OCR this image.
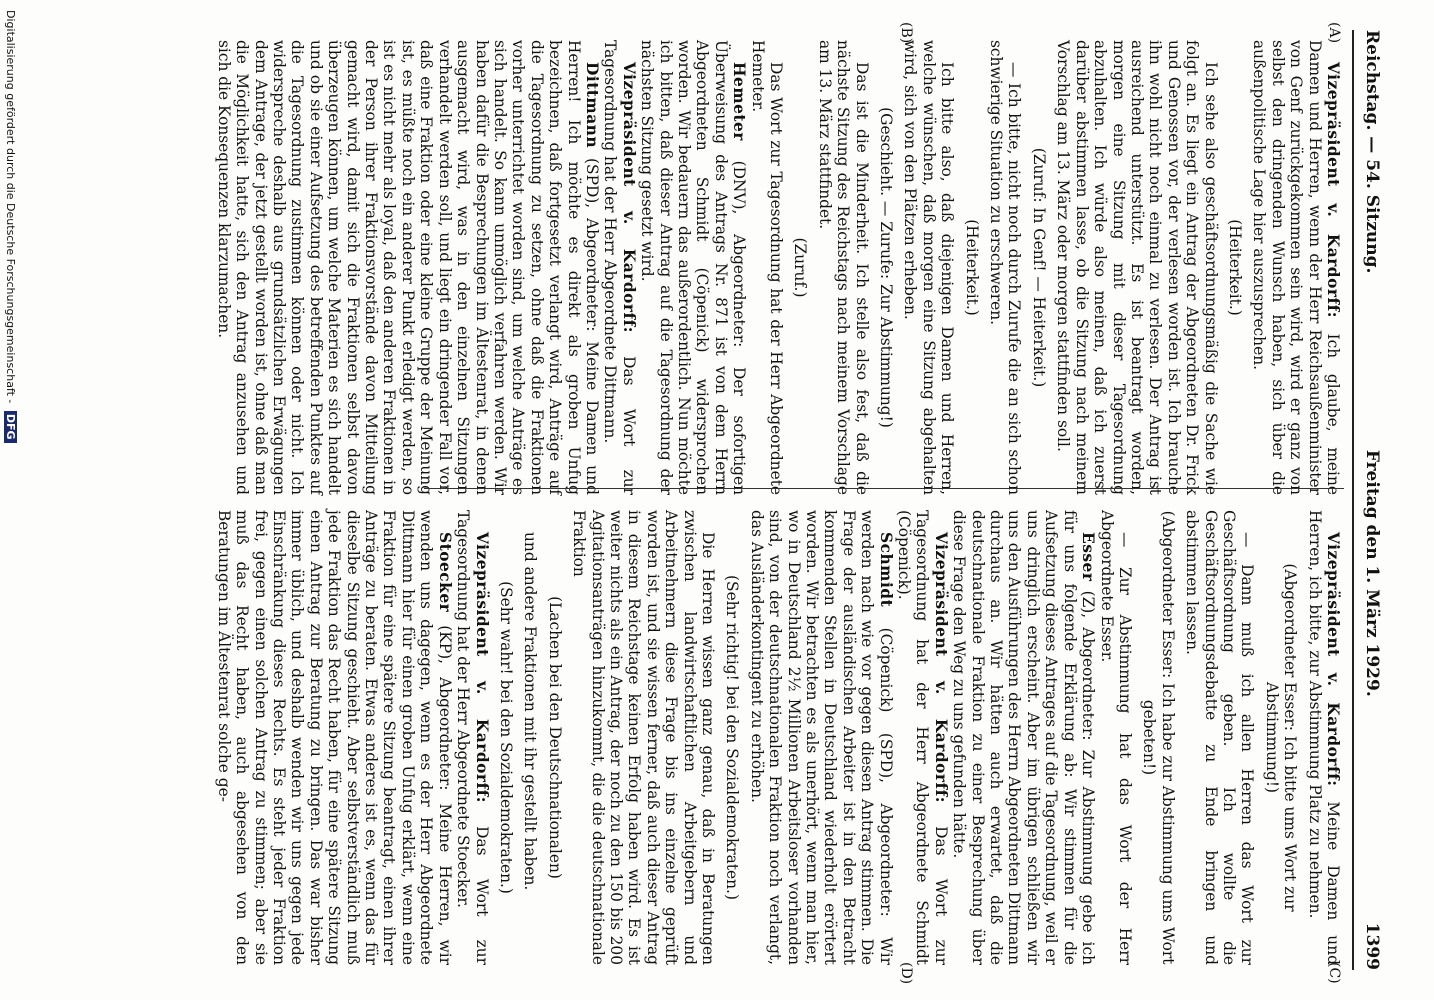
Reichstag. — 54. Sitzung.
Freitag den 1. März 1929. 1399
(A)
(B)
(C)
(D)

Vizepräsident v. Kardorff: Ich glaube, meine Damen und Herren, wenn der Herr Reichsaußenminister von Genf zurückgekommen sein wird, wird er ganz von selbst den dringenden Wunsch haben, sich über die außenpolitische Lage hier auszusprechen.

(Heiterkeit.)

Ich sehe also geschäftsordnungsmäßig die Sache wie folgt an. Es liegt ein Antrag der Abgeordneten Dr. Frick und Genossen vor, der verlesen worden ist. Ich brauche ihn wohl nicht noch einmal zu verlesen. Der Antrag ist ausreichend unterstützt. Es ist beantragt worden, morgen eine Sitzung mit dieser Tagesordnung abzuhalten. Ich würde also meinen, daß ich zuerst darüber abstimmen lasse, ob die Sitzung nach meinem Vorschlag am 13. März oder morgen stattfinden soll.

(Zuruf: In Genf! — Heiterkeit.)

— Ich bitte, nicht noch durch Zurufe die an sich schon schwierige Situation zu erschweren.

(Heiterkeit.)

Ich bitte also, daß diejenigen Damen und Herren, welche wünschen, daß morgen eine Sitzung abgehalten wird, sich von den Plätzen erheben.

(Geschieht. — Zurufe: Zur Abstimmung!)

Das ist die Minderheit. Ich stelle also fest, daß die nächste Sitzung des Reichstags nach meinem Vorschlage am 13. März stattfindet.

(Zuruf.)

Das Wort zur Tagesordnung hat der Herr Abgeordnete Hemeter.

Hemeter (DNV), Abgeordneter: Der sofortigen Überweisung des Antrags Nr. 871 ist von dem Herrn Abgeordneten Schmidt (Cöpenick) widersprochen worden. Wir bedauern das außerordentlich. Nun möchte ich bitten, daß dieser Antrag auf die Tagesordnung der nächsten Sitzung gesetzt wird.

Vizepräsident v. Kardorff: Das Wort zur Tagesordnung hat der Herr Abgeordnete Dittmann.

Dittmann (SPD), Abgeordneter: Meine Damen und Herren! Ich möchte es direkt als groben Unfug bezeichnen, daß fortgesetzt verlangt wird, Anträge auf die Tagesordnung zu setzen, ohne daß die Fraktionen vorher unterrichtet worden sind, um welche Anträge es sich handelt. So kann unmöglich verfahren werden. Wir haben dafür die Besprechungen im Ältestenrat, in denen ausgemacht wird, was in den einzelnen Sitzungen verhandelt werden soll, und liegt ein dringender Fall vor, daß eine Fraktion oder eine kleine Gruppe der Meinung ist, es müßte noch ein anderer Punkt erledigt werden, so ist es nicht mehr als loyal, daß den anderen Fraktionen in der Person ihrer Fraktionsvorstände davon Mitteilung gemacht wird, damit sich die Fraktionen selbst davon überzeugen können, um welche Materien es sich handelt und ob sie einer Aufsetzung des betreffenden Punktes auf die Tagesordnung zustimmen können oder nicht. Ich widerspreche deshalb aus grundsätzlichen Erwägungen dem Antrage, der jetzt gestellt worden ist, ohne daß man die Möglichkeit hatte, sich den Antrag anzusehen und sich die Konsequenzen klarzumachen.

Vizepräsident v. Kardorff: Meine Damen und Herren, ich bitte, zur Abstimmung Platz zu nehmen.

(Abgeordneter Esser: Ich bitte ums Wort zur Abstimmung!)

— Dann muß ich allen Herren das Wort zur Geschäftsordnung geben. Ich wollte die Geschäftsordnungsdebatte zu Ende bringen und abstimmen lassen.

(Abgeordneter Esser: Ich habe zur Abstimmung ums Wort gebeten!)

— Zur Abstimmung hat das Wort der Herr Abgeordnete Esser.

Esser (Z), Abgeordneter: Zur Abstimmung gebe ich für uns folgende Erklärung ab: Wir stimmen für die Aufsetzung dieses Antrages auf die Tagesordnung, weil er uns dringlich erscheint. Aber im übrigen schließen wir uns den Ausführungen des Herrn Abgeordneten Dittmann durchaus an. Wir hätten auch erwartet, daß die deutschnationale Fraktion zu einer Besprechung über diese Frage den Weg zu uns gefunden hätte.

Vizepräsident v. Kardorff: Das Wort zur Tagesordnung hat der Herr Abgeordnete Schmidt (Cöpenick).

Schmidt (Cöpenick) (SPD), Abgeordneter: Wir werden nach wie vor gegen diesen Antrag stimmen. Die Frage der ausländischen Arbeiter ist in den Betracht kommenden Stellen in Deutschland wiederholt erörtert worden. Wir betrachten es als unerhört, wenn man hier, wo in Deutschland 2½ Millionen Arbeitsloser vorhanden sind, von der deutschnationalen Fraktion noch verlangt, das Ausländerkontingent zu erhöhen.

(Sehr richtig! bei den Sozialdemokraten.)

Die Herren wissen ganz genau, daß in Beratungen zwischen landwirtschaftlichen Arbeitgebern und Arbeitnehmern diese Frage bis ins einzelne geprüft worden ist, und sie wissen ferner, daß auch dieser Antrag in diesem Reichstage keinen Erfolg haben wird. Es ist weiter nichts als ein Antrag, der noch zu den 150 bis 200 Agitationsanträgen hinzukommt, die die deutschnationale Fraktion

(Lachen bei den Deutschnationalen)

und andere Fraktionen mit ihr gestellt haben.

(Sehr wahr! bei den Sozialdemokraten.)

Vizepräsident v. Kardorff: Das Wort zur Tagesordnung hat der Herr Abgeordnete Stoecker.

Stoecker (KP), Abgeordneter: Meine Herren, wir wenden uns dagegen, wenn es der Herr Abgeordnete Dittmann hier für einen groben Unfug erklärt, wenn eine Fraktion für eine spätere Sitzung beantragt, einen ihrer Anträge zu beraten. Etwas anderes ist es, wenn das für dieselbe Sitzung geschieht. Aber selbstverständlich muß jede Fraktion das Recht haben, für eine spätere Sitzung einen Antrag zur Beratung zu bringen. Das war bisher immer üblich, und deshalb wenden wir uns gegen jede Einschränkung dieses Rechts. Es steht jeder Fraktion frei, gegen einen solchen Antrag zu stimmen; aber sie muß das Recht haben, auch abgesehen von den Beratungen im Ältestenrat solche ge-

Digitalisierung gefördert durch die Deutsche Forschungsgemeinschaft - DFG
